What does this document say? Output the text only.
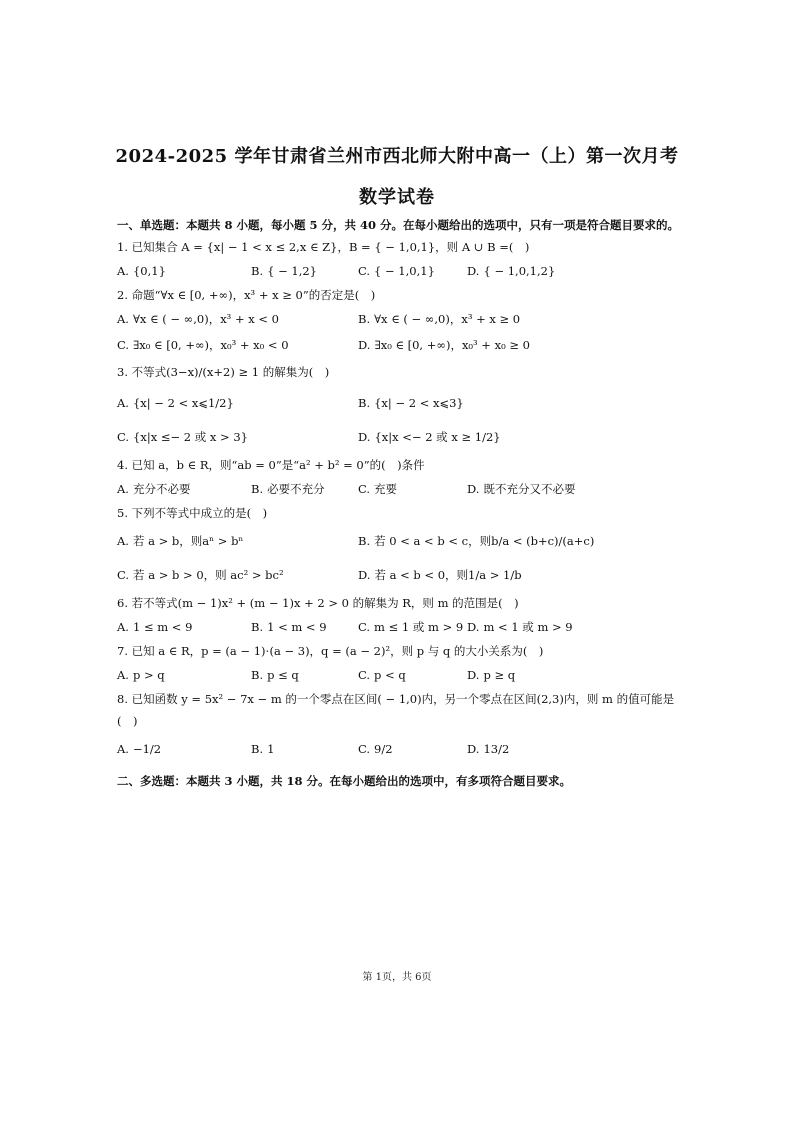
2024-2025 学年甘肃省兰州市西北师大附中高一（上）第一次月考
数学试卷
一、单选题：本题共 8 小题，每小题 5 分，共 40 分。在每小题给出的选项中，只有一项是符合题目要求的。
1. 已知集合 A = {x| − 1 < x ≤ 2,x ∈ Z}，B = { − 1,0,1}，则 A ∪ B =(　)
A. {0,1}	B. { − 1,2}	C. { − 1,0,1}	D. { − 1,0,1,2}
2. 命题“∀x ∈ [0, +∞)，x³ + x ≥ 0”的否定是(　)
A. ∀x ∈ ( − ∞,0)，x³ + x < 0	B. ∀x ∈ ( − ∞,0)，x³ + x ≥ 0
C. ∃x₀ ∈ [0, +∞)，x₀³ + x₀ < 0	D. ∃x₀ ∈ [0, +∞)，x₀³ + x₀ ≥ 0
3. 不等式(3−x)/(x+2) ≥ 1 的解集为(　)
A. {x| − 2 < x⩽1/2}	B. {x| − 2 < x⩽3}
C. {x|x ≤− 2 或 x > 3}	D. {x|x <− 2 或 x ≥ 1/2}
4. 已知 a，b ∈ R，则“ab = 0”是“a² + b² = 0”的(　)条件
A. 充分不必要	B. 必要不充分	C. 充要	D. 既不充分又不必要
5. 下列不等式中成立的是(　)
A. 若 a > b，则aⁿ > bⁿ	B. 若 0 < a < b < c，则b/a < (b+c)/(a+c)
C. 若 a > b > 0，则 ac² > bc²	D. 若 a < b < 0，则1/a > 1/b
6. 若不等式(m − 1)x² + (m − 1)x + 2 > 0 的解集为 R，则 m 的范围是(　)
A. 1 ≤ m < 9	B. 1 < m < 9	C. m ≤ 1 或 m > 9 D. m < 1 或 m > 9
7. 已知 a ∈ R，p = (a − 1)⋅(a − 3)，q = (a − 2)²，则 p 与 q 的大小关系为(　)
A. p > q	B. p ≤ q	C. p < q	D. p ≥ q
8. 已知函数 y = 5x² − 7x − m 的一个零点在区间( − 1,0)内，另一个零点在区间(2,3)内，则 m 的值可能是
(　)
A. −1/2	B. 1	C. 9/2	D. 13/2
二、多选题：本题共 3 小题，共 18 分。在每小题给出的选项中，有多项符合题目要求。
第 1页，共 6页
